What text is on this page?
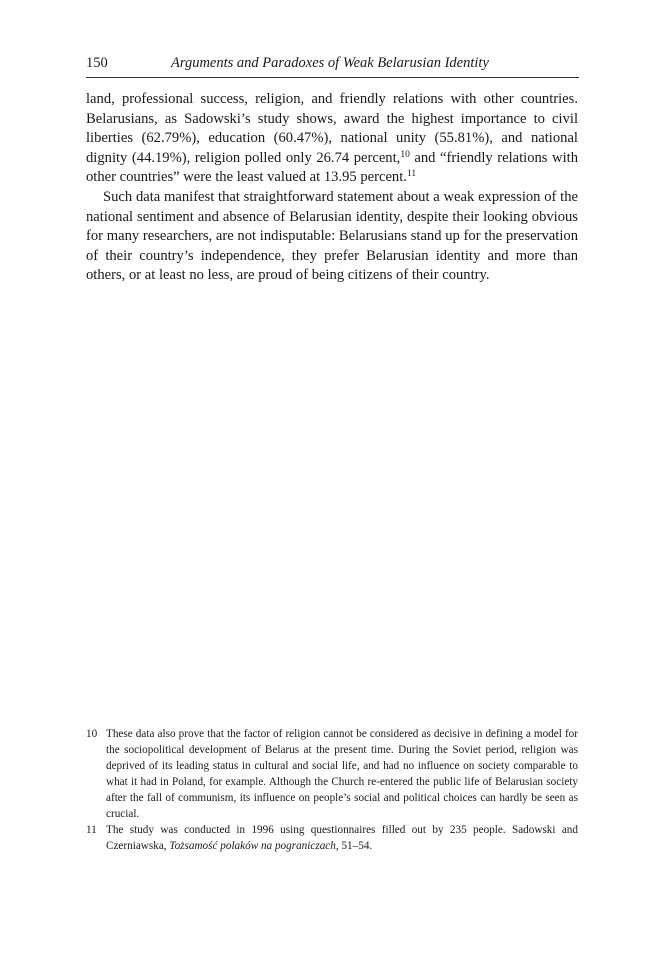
150	Arguments and Paradoxes of Weak Belarusian Identity

land, professional success, religion, and friendly relations with other countries. Belarusians, as Sadowski’s study shows, award the highest importance to civil liberties (62.79%), education (60.47%), national unity (55.81%), and national dignity (44.19%), religion polled only 26.74 percent,$^{10}$ and “friendly relations with other countries” were the least valued at 13.95 percent.$^{11}$

Such data manifest that straightforward statement about a weak expression of the national sentiment and absence of Belarusian identity, despite their looking obvious for many researchers, are not indisputable: Belarusians stand up for the preservation of their country’s independence, they prefer Belarusian identity and more than others, or at least no less, are proud of being citizens of their country.

10 These data also prove that the factor of religion cannot be considered as decisive in defining a model for the sociopolitical development of Belarus at the present time. During the Soviet period, religion was deprived of its leading status in cultural and social life, and had no influence on society comparable to what it had in Poland, for example. Although the Church re-entered the public life of Belarusian society after the fall of communism, its influence on people’s social and political choices can hardly be seen as crucial.

11 The study was conducted in 1996 using questionnaires filled out by 235 people. Sadowski and Czerniawska, Tożsamość polaków na pograniczach, 51–54.
